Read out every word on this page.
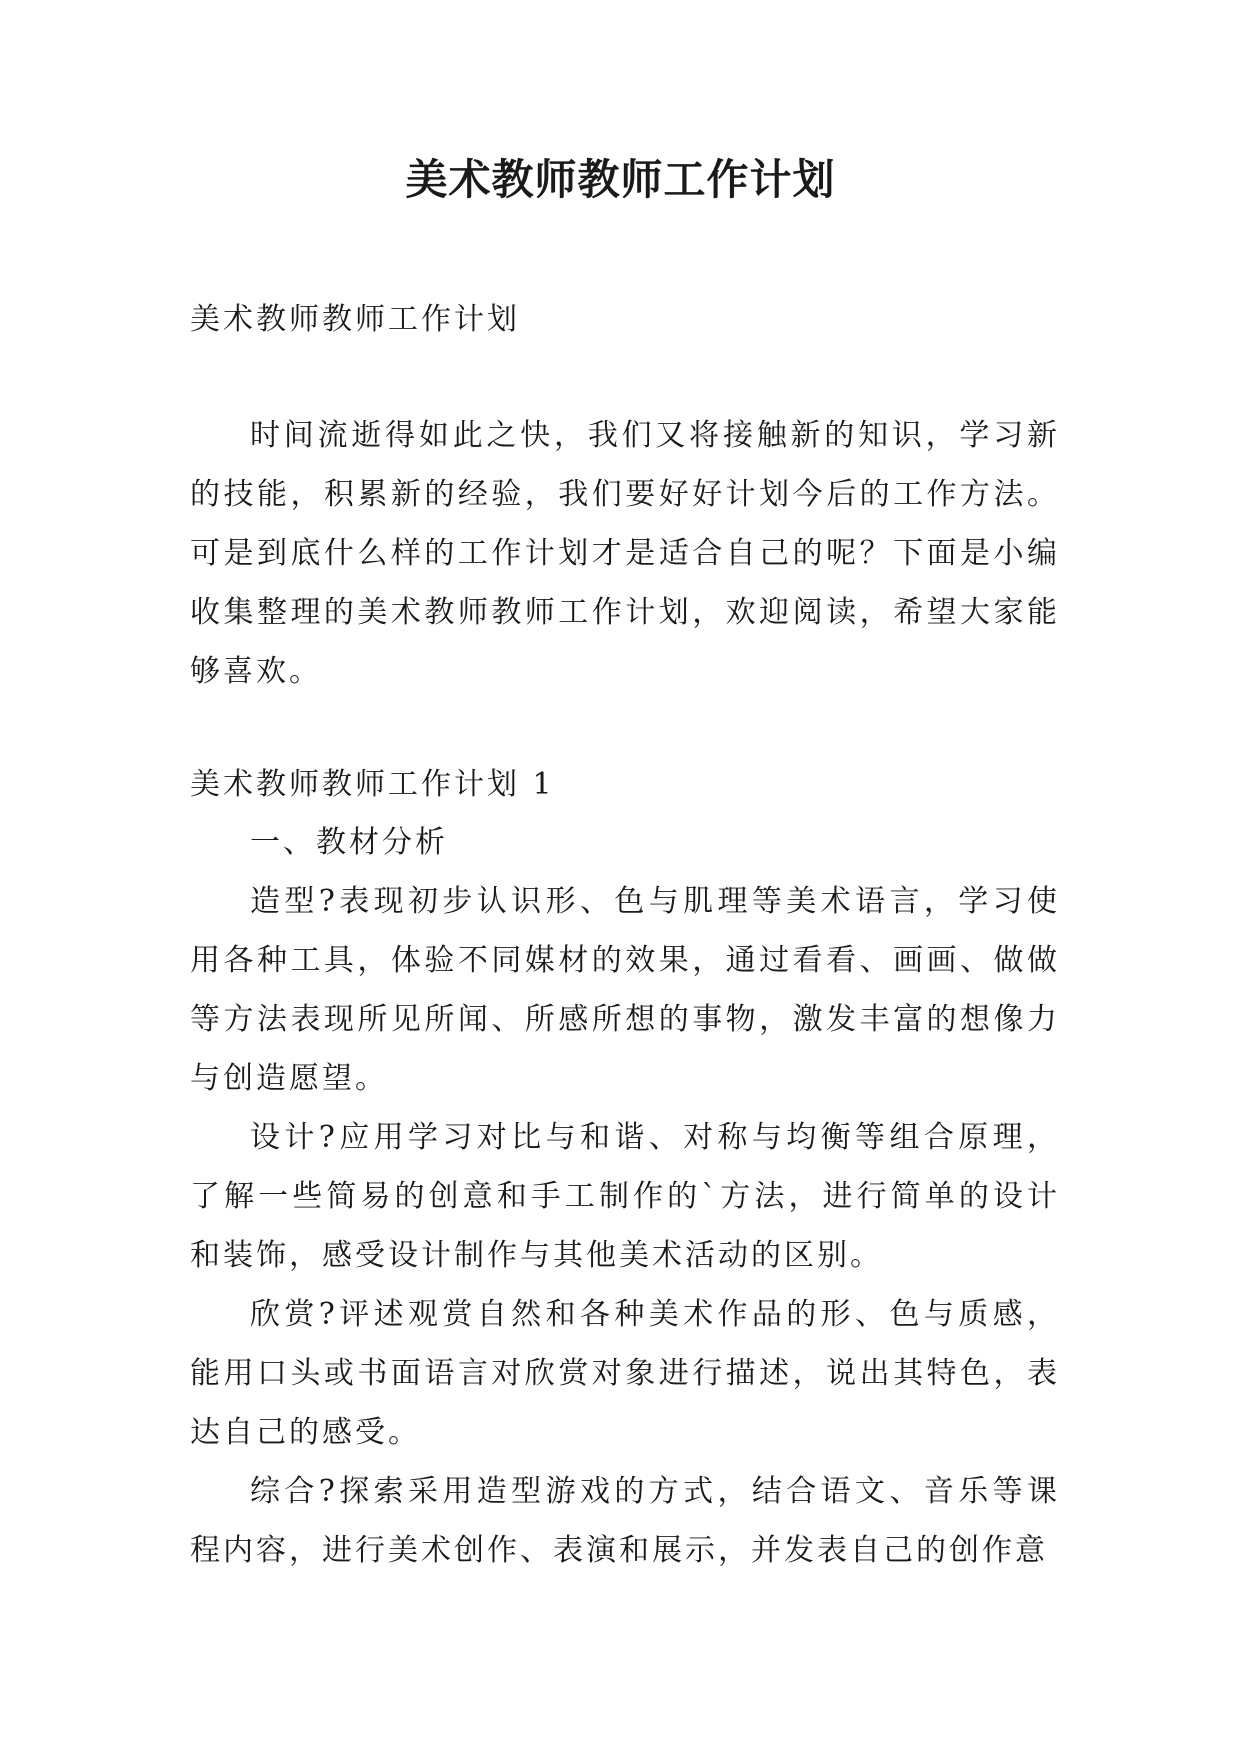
美术教师教师工作计划

美术教师教师工作计划

时间流逝得如此之快，我们又将接触新的知识，学习新的技能，积累新的经验，我们要好好计划今后的工作方法。可是到底什么样的工作计划才是适合自己的呢？下面是小编收集整理的美术教师教师工作计划，欢迎阅读，希望大家能够喜欢。

美术教师教师工作计划 1

一、教材分析

造型?表现初步认识形、色与肌理等美术语言，学习使用各种工具，体验不同媒材的效果，通过看看、画画、做做等方法表现所见所闻、所感所想的事物，激发丰富的想像力与创造愿望。

设计?应用学习对比与和谐、对称与均衡等组合原理，了解一些简易的创意和手工制作的`方法，进行简单的设计和装饰，感受设计制作与其他美术活动的区别。

欣赏?评述观赏自然和各种美术作品的形、色与质感，能用口头或书面语言对欣赏对象进行描述，说出其特色，表达自己的感受。

综合?探索采用造型游戏的方式，结合语文、音乐等课程内容，进行美术创作、表演和展示，并发表自己的创作意
